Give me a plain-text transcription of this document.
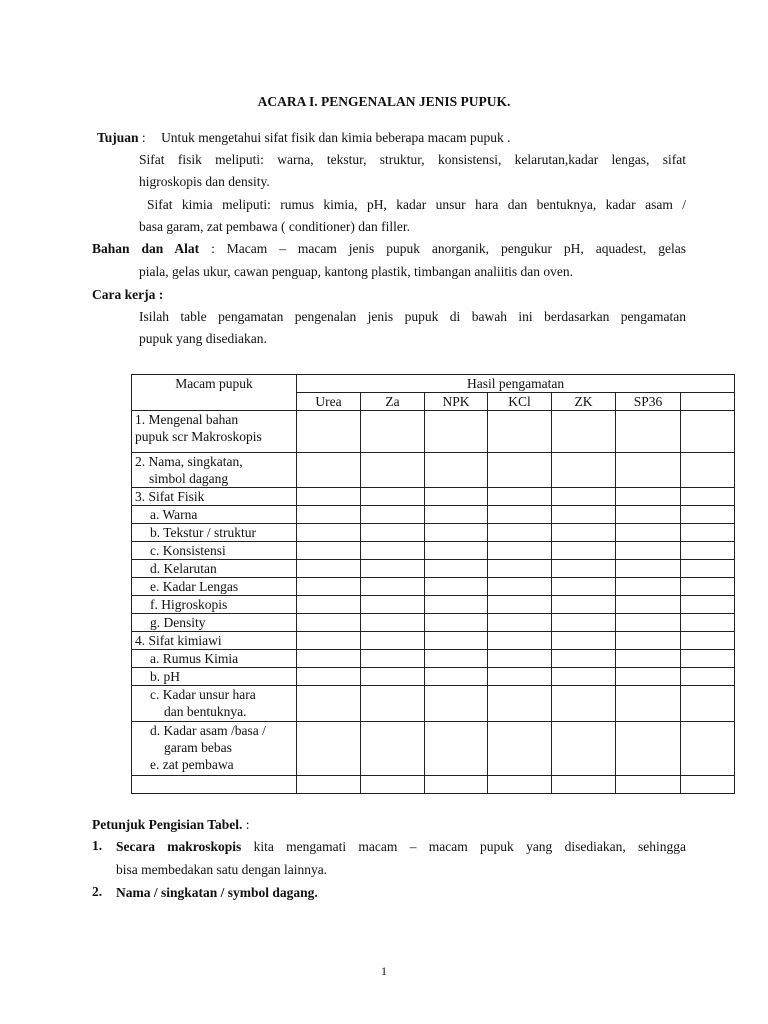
ACARA I. PENGENALAN JENIS PUPUK.
Tujuan : Untuk mengetahui sifat fisik dan kimia beberapa macam pupuk .
Sifat fisik meliputi: warna, tekstur, struktur, konsistensi, kelarutan,kadar lengas, sifat
higroskopis dan density.
Sifat kimia meliputi: rumus kimia, pH, kadar unsur hara dan bentuknya, kadar asam /
basa garam, zat pembawa ( conditioner) dan filler.
Bahan dan Alat : Macam – macam jenis pupuk anorganik, pengukur pH, aquadest, gelas
piala, gelas ukur, cawan penguap, kantong plastik, timbangan analiitis dan oven.
Cara kerja :
Isilah table pengamatan pengenalan jenis pupuk di bawah ini berdasarkan pengamatan
pupuk yang disediakan.
Macam pupuk	Hasil pengamatan						
	Urea	Za	NPK	KCl	ZK	SP36	

1. Mengenal bahan
pupuk scr Makroskopis							

2. Nama, singkatan,
simbol dagang							

3. Sifat Fisik							
a. Warna							
b. Tekstur / struktur							
c. Konsistensi							
d. Kelarutan							
e. Kadar Lengas							
f. Higroskopis							
g. Density							
4. Sifat kimiawi							
a. Rumus Kimia							
b. pH							

c. Kadar unsur hara
dan bentuknya.							

d. Kadar asam /basa /
garam bebas
e. zat pembawa							

Petunjuk Pengisian Tabel. :
1. Secara makroskopis kita mengamati macam – macam pupuk yang disediakan, sehingga
bisa membedakan satu dengan lainnya.
2. Nama / singkatan / symbol dagang.
1
